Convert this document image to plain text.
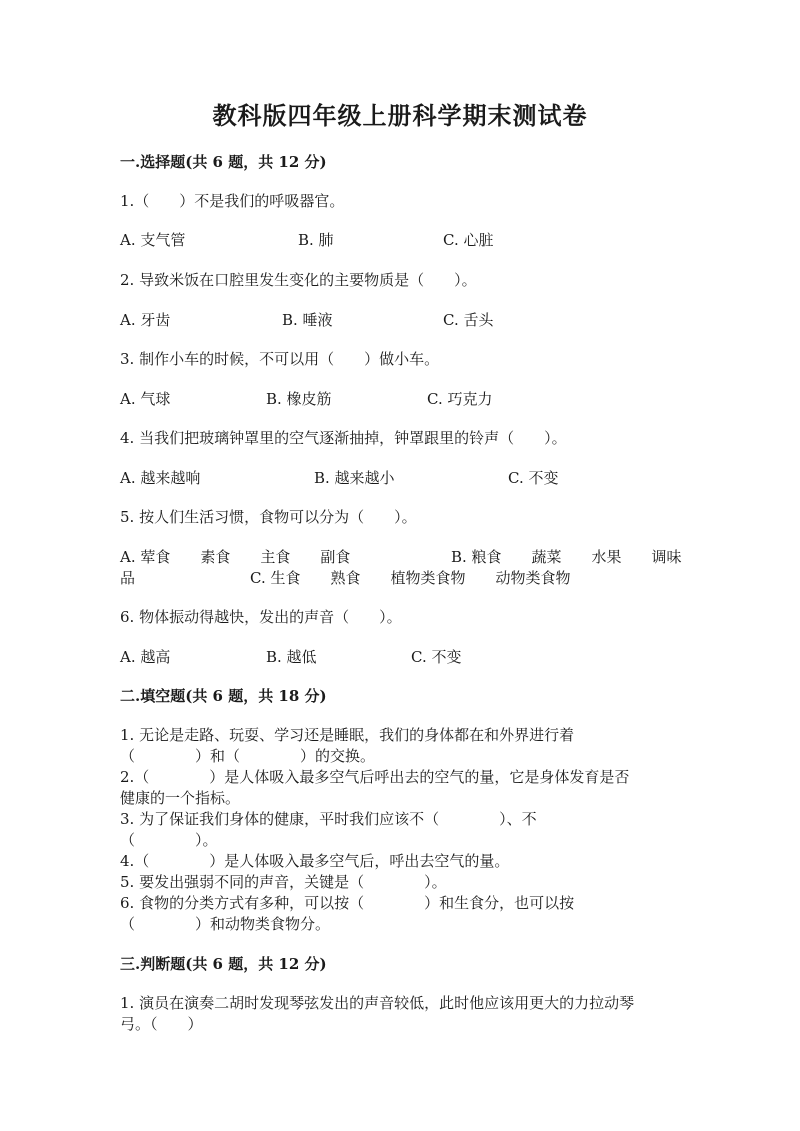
教科版四年级上册科学期末测试卷
一.选择题(共 6 题，共 12 分)
1.（　　）不是我们的呼吸器官。
A. 支气管	B. 肺	C. 心脏
2. 导致米饭在口腔里发生变化的主要物质是（　　）。
A. 牙齿	B. 唾液	C. 舌头
3. 制作小车的时候，不可以用（　　）做小车。
A. 气球	B. 橡皮筋	C. 巧克力
4. 当我们把玻璃钟罩里的空气逐渐抽掉，钟罩跟里的铃声（　　）。
A. 越来越响	B. 越来越小	C. 不变
5. 按人们生活习惯，食物可以分为（　　）。
A. 荤食　　素食　　主食　　副食	B. 粮食　　蔬菜　　水果　　调味
品	C. 生食　　熟食　　植物类食物　　动物类食物
6. 物体振动得越快，发出的声音（　　）。
A. 越高	B. 越低	C. 不变
二.填空题(共 6 题，共 18 分)
1. 无论是走路、玩耍、学习还是睡眠，我们的身体都在和外界进行着
（　　　　）和（　　　　）的交换。
2.（　　　　）是人体吸入最多空气后呼出去的空气的量，它是身体发育是否
健康的一个指标。
3. 为了保证我们身体的健康，平时我们应该不（　　　　）、不
（　　　　）。
4.（　　　　）是人体吸入最多空气后，呼出去空气的量。
5. 要发出强弱不同的声音，关键是（　　　　）。
6. 食物的分类方式有多种，可以按（　　　　）和生食分，也可以按
（　　　　）和动物类食物分。
三.判断题(共 6 题，共 12 分)
1. 演员在演奏二胡时发现琴弦发出的声音较低，此时他应该用更大的力拉动琴
弓。（　　）
